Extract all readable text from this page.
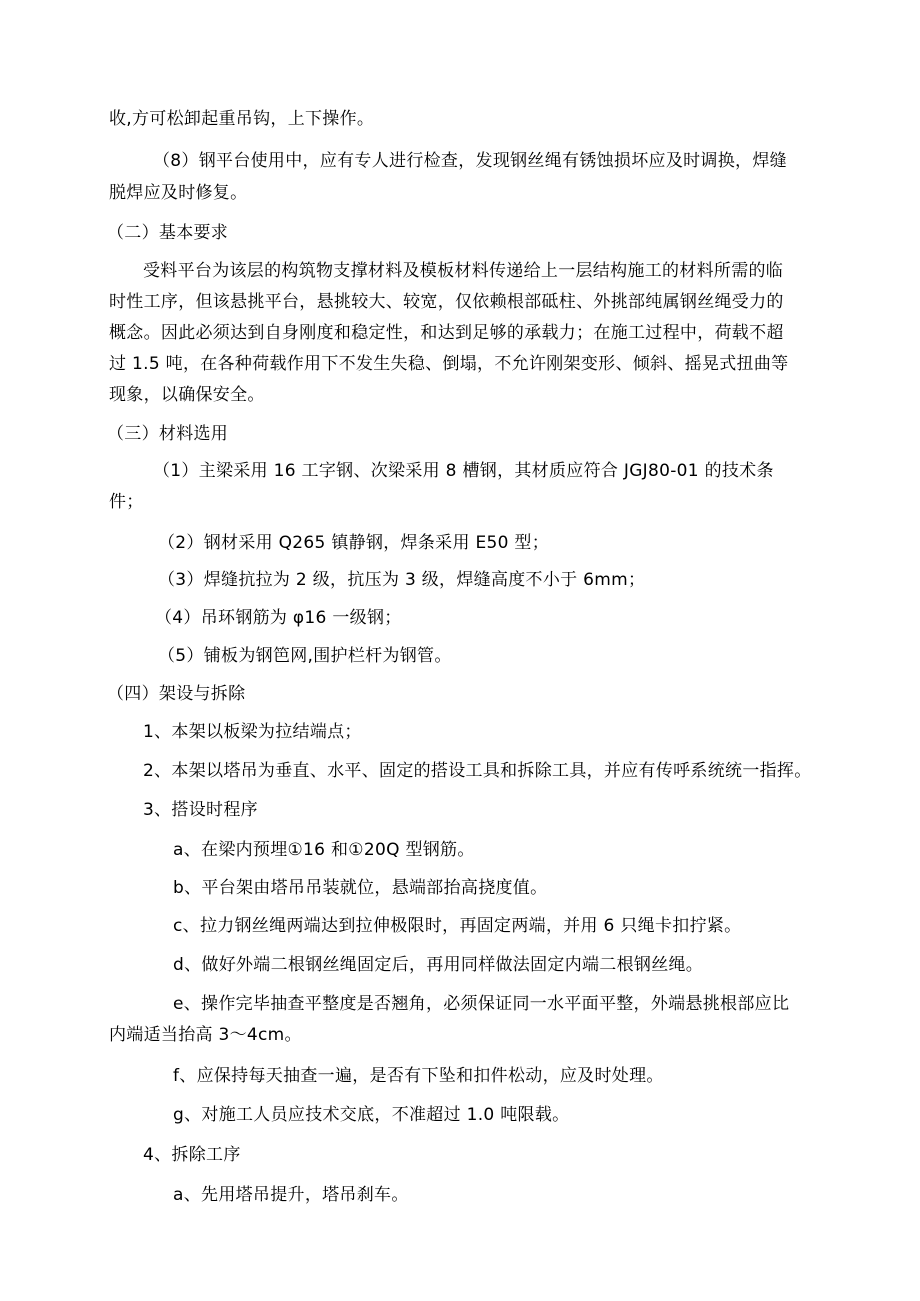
收,方可松卸起重吊钩，上下操作。
（8）钢平台使用中，应有专人进行检查，发现钢丝绳有锈蚀损坏应及时调换，焊缝
脱焊应及时修复。
（二）基本要求
受料平台为该层的构筑物支撑材料及模板材料传递给上一层结构施工的材料所需的临
时性工序，但该悬挑平台，悬挑较大、较宽，仅依赖根部砥柱、外挑部纯属钢丝绳受力的
概念。因此必须达到自身刚度和稳定性，和达到足够的承载力；在施工过程中，荷载不超
过 1.5 吨，在各种荷载作用下不发生失稳、倒塌，不允许刚架变形、倾斜、摇晃式扭曲等
现象，以确保安全。
（三）材料选用
（1）主梁采用 16 工字钢、次梁采用 8 槽钢，其材质应符合 JGJ80-01 的技术条
件；
（2）钢材采用 Q265 镇静钢，焊条采用 E50 型；
（3）焊缝抗拉为 2 级，抗压为 3 级，焊缝高度不小于 6mm；
（4）吊环钢筋为 φ16 一级钢；
（5）铺板为钢笆网,围护栏杆为钢管。
（四）架设与拆除
1、本架以板梁为拉结端点；
2、本架以塔吊为垂直、水平、固定的搭设工具和拆除工具，并应有传呼系统统一指挥。
3、搭设时程序
a、在梁内预埋①16 和①20Q 型钢筋。
b、平台架由塔吊吊装就位，悬端部抬高挠度值。
c、拉力钢丝绳两端达到拉伸极限时，再固定两端，并用 6 只绳卡扣拧紧。
d、做好外端二根钢丝绳固定后，再用同样做法固定内端二根钢丝绳。
e、操作完毕抽查平整度是否翘角，必须保证同一水平面平整，外端悬挑根部应比
内端适当抬高 3～4cm。
f、应保持每天抽查一遍，是否有下坠和扣件松动，应及时处理。
g、对施工人员应技术交底，不准超过 1.0 吨限载。
4、拆除工序
a、先用塔吊提升，塔吊刹车。
